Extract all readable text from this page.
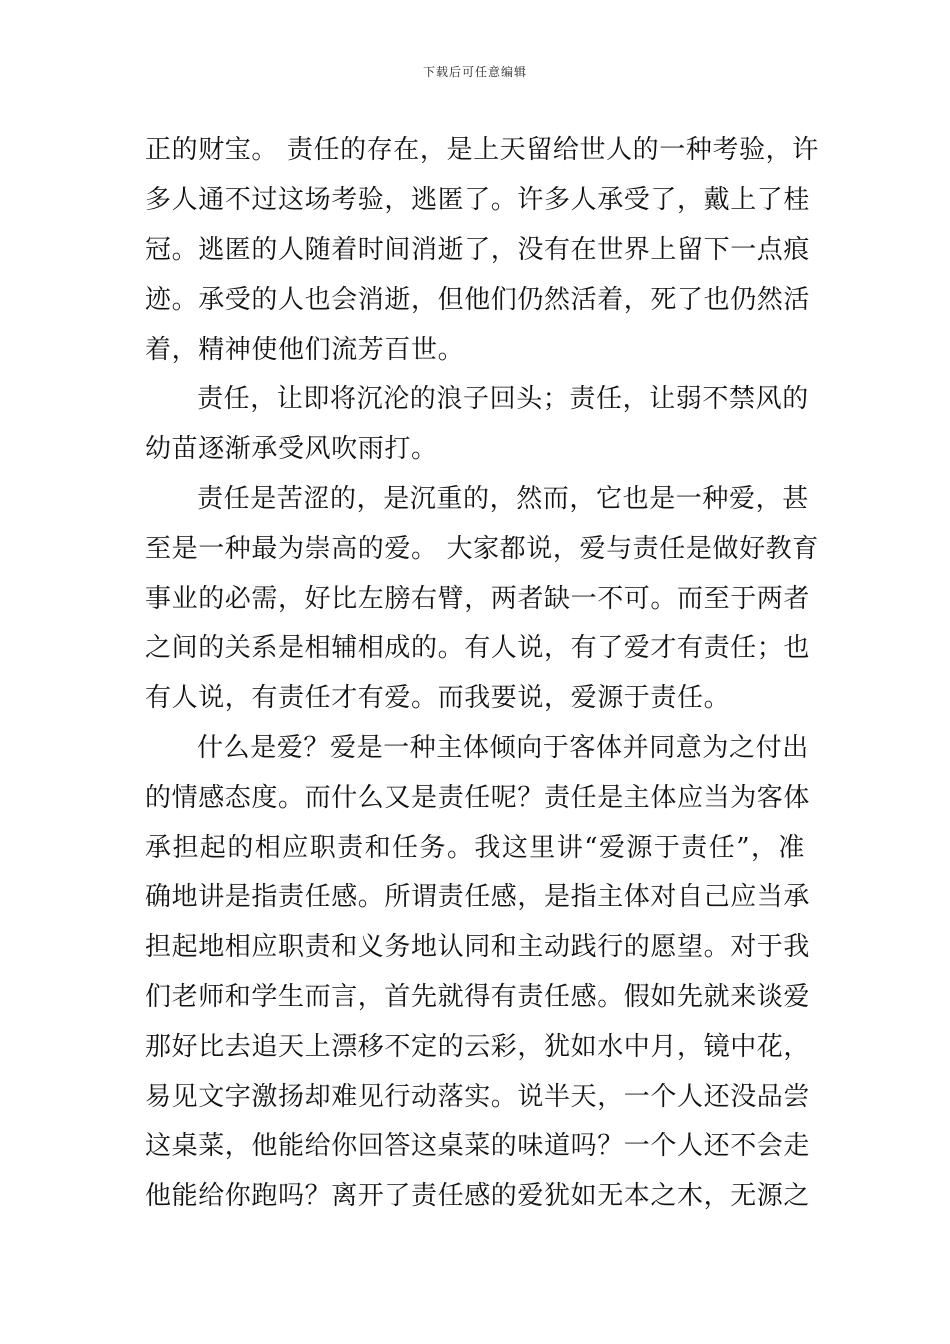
下载后可任意编辑
正的财宝。 责任的存在，是上天留给世人的一种考验，许
多人通不过这场考验，逃匿了。许多人承受了，戴上了桂
冠。逃匿的人随着时间消逝了，没有在世界上留下一点痕
迹。承受的人也会消逝，但他们仍然活着，死了也仍然活
着，精神使他们流芳百世。
责任，让即将沉沦的浪子回头；责任，让弱不禁风的
幼苗逐渐承受风吹雨打。
责任是苦涩的，是沉重的，然而，它也是一种爱，甚
至是一种最为崇高的爱。 大家都说，爱与责任是做好教育
事业的必需，好比左膀右臂，两者缺一不可。而至于两者
之间的关系是相辅相成的。有人说，有了爱才有责任；也
有人说，有责任才有爱。而我要说，爱源于责任。
什么是爱？爱是一种主体倾向于客体并同意为之付出
的情感态度。而什么又是责任呢？责任是主体应当为客体
承担起的相应职责和任务。我这里讲“爱源于责任”，准
确地讲是指责任感。所谓责任感，是指主体对自己应当承
担起地相应职责和义务地认同和主动践行的愿望。对于我
们老师和学生而言，首先就得有责任感。假如先就来谈爱
那好比去追天上漂移不定的云彩，犹如水中月，镜中花，
易见文字激扬却难见行动落实。说半天，一个人还没品尝
这桌菜，他能给你回答这桌菜的味道吗？一个人还不会走
他能给你跑吗？离开了责任感的爱犹如无本之木，无源之
